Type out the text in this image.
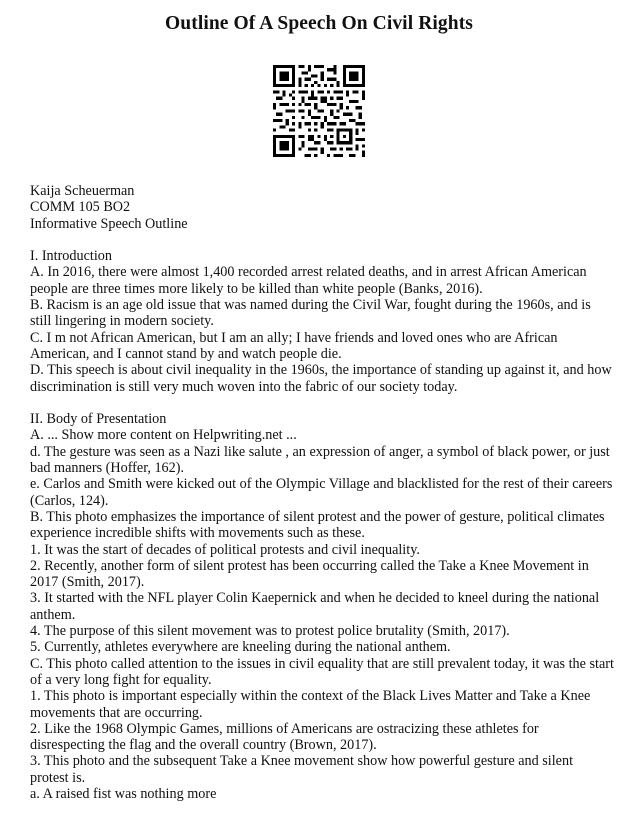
Outline Of A Speech On Civil Rights

Kaija Scheuerman

COMM 105 BO2

Informative Speech Outline

I. Introduction

A. In 2016, there were almost 1,400 recorded arrest related deaths, and in arrest African American people are three times more likely to be killed than white people (Banks, 2016).

B. Racism is an age old issue that was named during the Civil War, fought during the 1960s, and is still lingering in modern society.

C. I m not African American, but I am an ally; I have friends and loved ones who are African American, and I cannot stand by and watch people die.

D. This speech is about civil inequality in the 1960s, the importance of standing up against it, and how discrimination is still very much woven into the fabric of our society today.

II. Body of Presentation

A. ... Show more content on Helpwriting.net ...

d. The gesture was seen as a Nazi like salute , an expression of anger, a symbol of black power, or just bad manners (Hoffer, 162).

e. Carlos and Smith were kicked out of the Olympic Village and blacklisted for the rest of their careers (Carlos, 124).

B. This photo emphasizes the importance of silent protest and the power of gesture, political climates experience incredible shifts with movements such as these.

1. It was the start of decades of political protests and civil inequality.

2. Recently, another form of silent protest has been occurring called the Take a Knee Movement in 2017 (Smith, 2017).

3. It started with the NFL player Colin Kaepernick and when he decided to kneel during the national anthem.

4. The purpose of this silent movement was to protest police brutality (Smith, 2017).

5. Currently, athletes everywhere are kneeling during the national anthem.

C. This photo called attention to the issues in civil equality that are still prevalent today, it was the start of a very long fight for equality.

1. This photo is important especially within the context of the Black Lives Matter and Take a Knee movements that are occurring.

2. Like the 1968 Olympic Games, millions of Americans are ostracizing these athletes for disrespecting the flag and the overall country (Brown, 2017).

3. This photo and the subsequent Take a Knee movement show how powerful gesture and silent protest is.

a. A raised fist was nothing more
